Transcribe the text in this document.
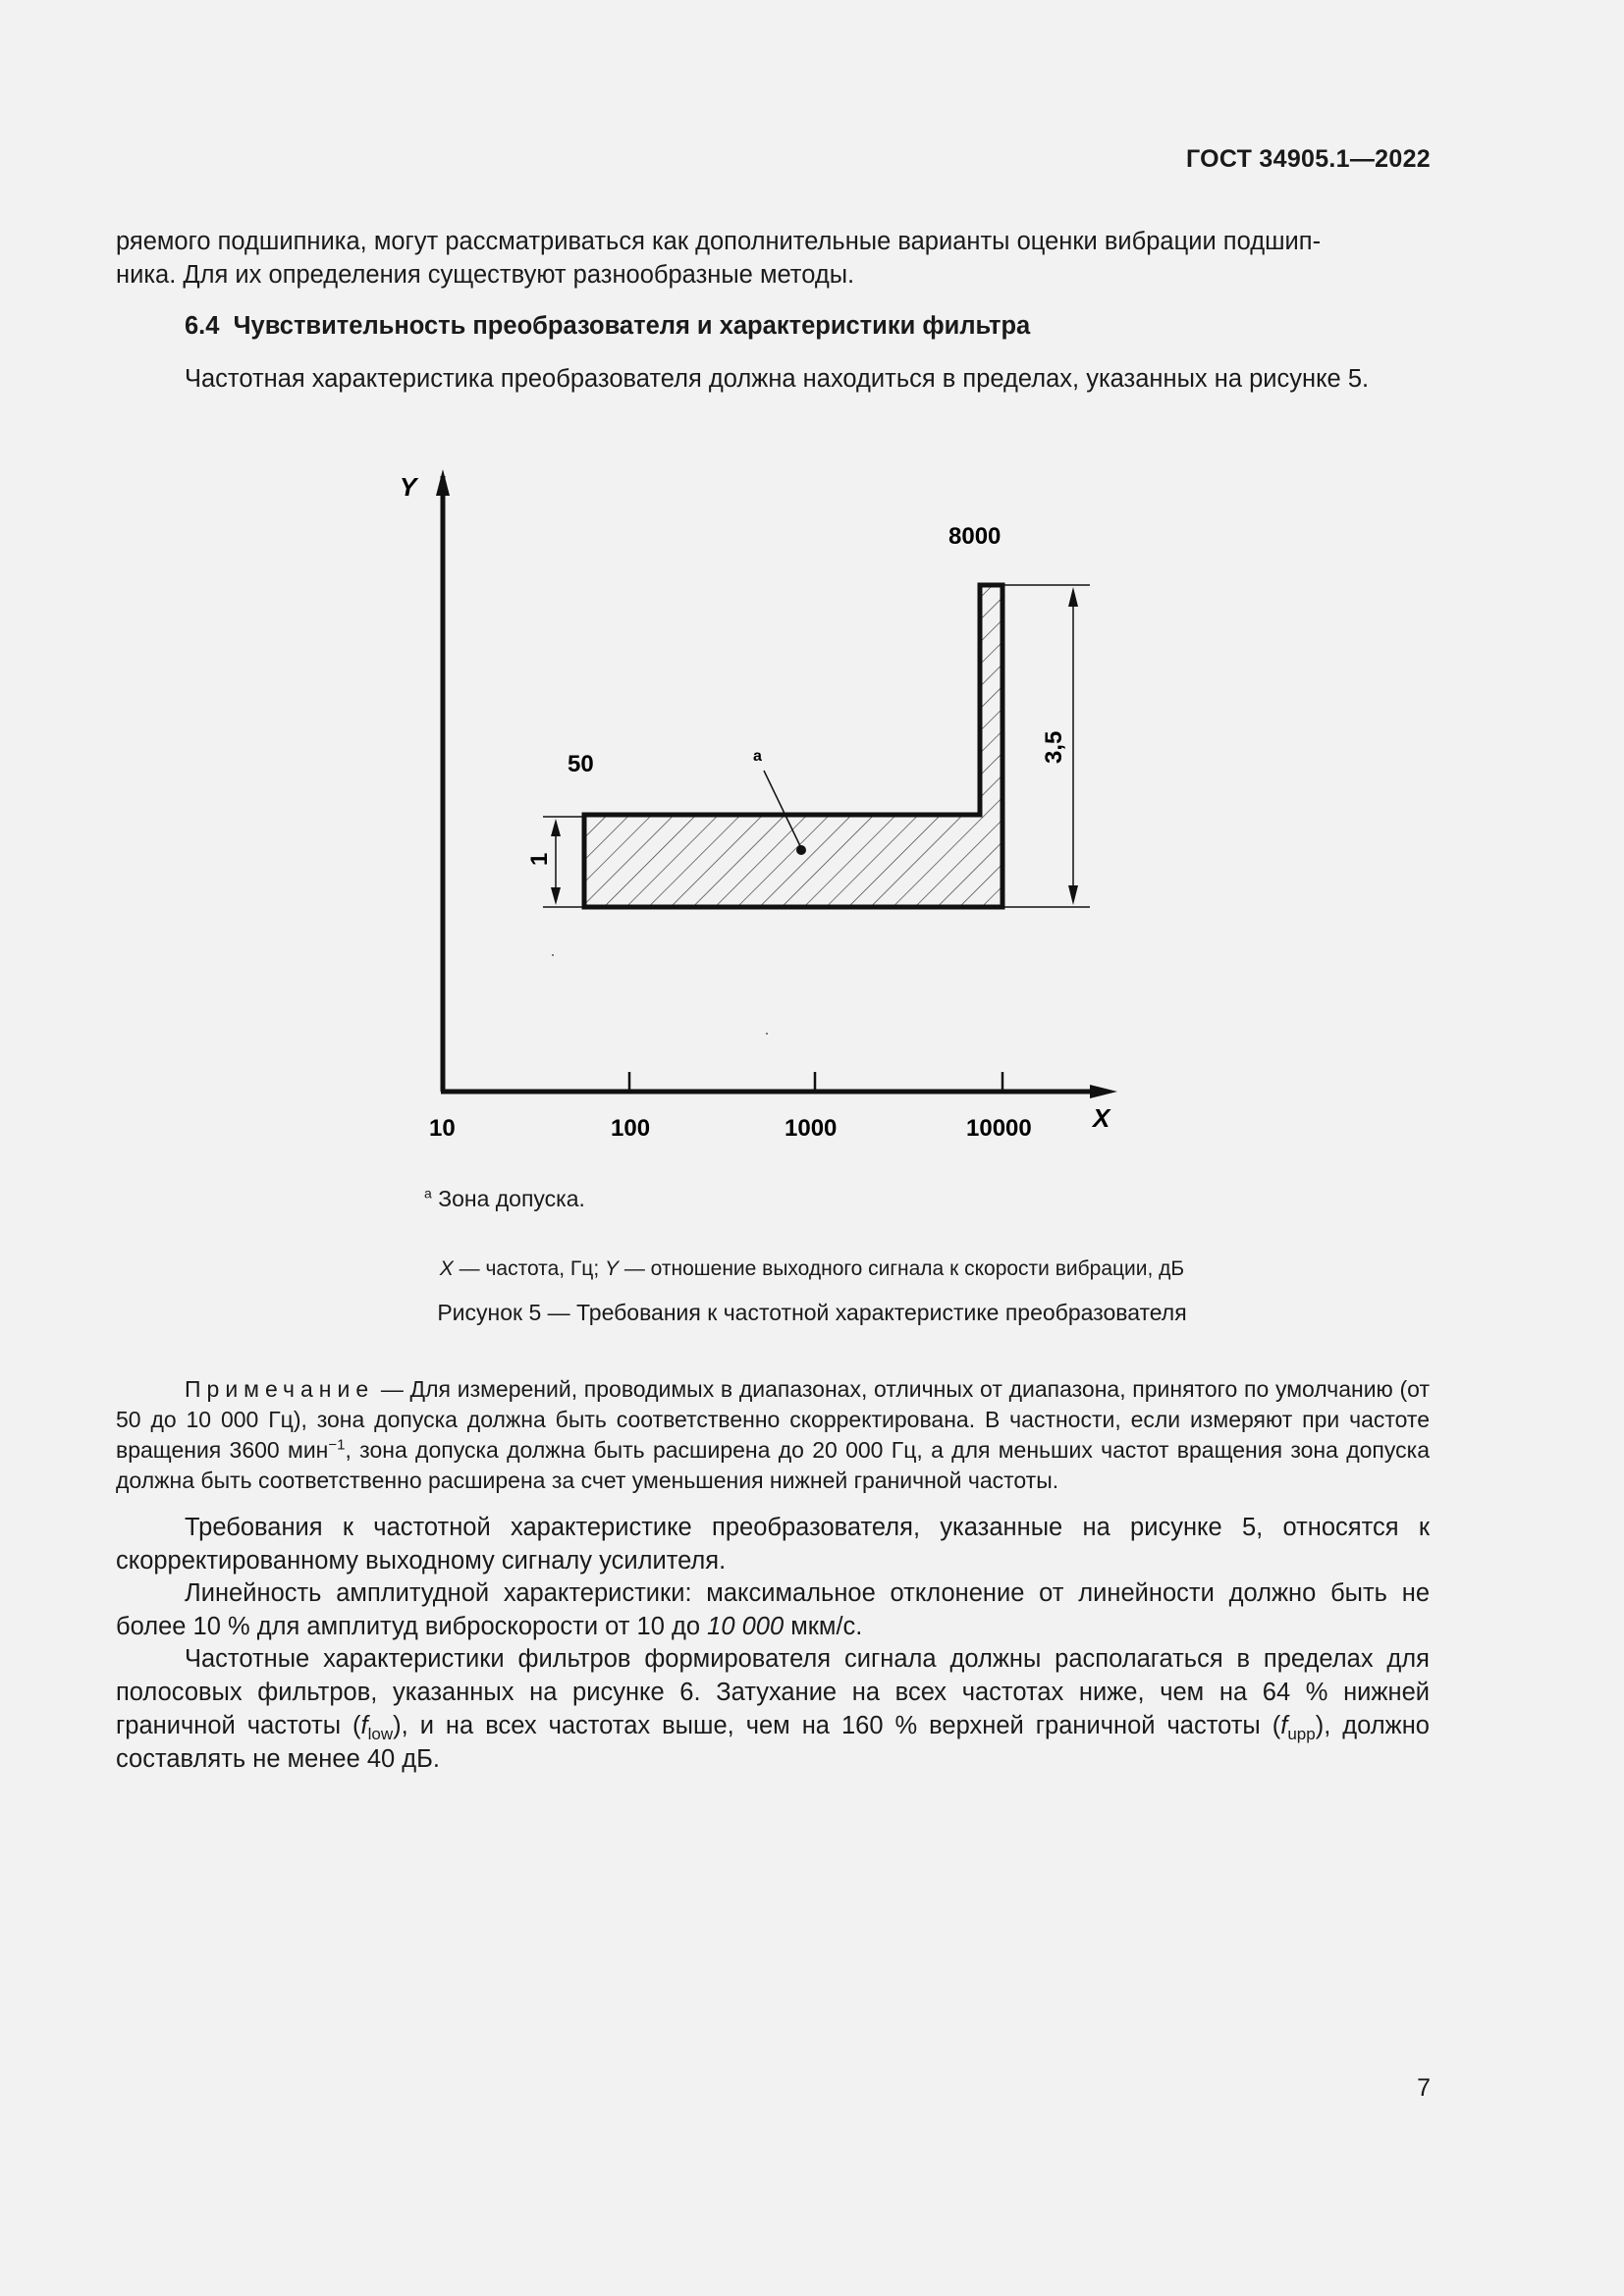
ГОСТ 34905.1—2022

ряемого подшипника, могут рассматриваться как дополнительные варианты оценки вибрации подшип-
ника. Для их определения существуют разнообразные методы.

6.4 Чувствительность преобразователя и характеристики фильтра

Частотная характеристика преобразователя должна находиться в пределах, указанных на рисунке 5.

Y
X
10	100	1000	10000
50
8000
a
1
3,5
$^a$ Зона допуска.
X — частота, Гц; Y — отношение выходного сигнала к скорости вибрации, дБ
Рисунок 5 — Требования к частотной характеристике преобразователя

Примечание — Для измерений, проводимых в диапазонах, отличных от диапазона, принятого по умолчанию (от 50 до 10 000 Гц), зона допуска должна быть соответственно скорректирована. В частности, если измеряют при частоте вращения 3600 мин$^{-1}$, зона допуска должна быть расширена до 20 000 Гц, а для меньших частот вращения зона допуска должна быть соответственно расширена за счет уменьшения нижней граничной частоты.

Требования к частотной характеристике преобразователя, указанные на рисунке 5, относятся к скорректированному выходному сигналу усилителя.

Линейность амплитудной характеристики: максимальное отклонение от линейности должно быть не более 10 % для амплитуд виброскорости от 10 до 10 000 мкм/с.

Частотные характеристики фильтров формирователя сигнала должны располагаться в пределах для полосовых фильтров, указанных на рисунке 6. Затухание на всех частотах ниже, чем на 64 % нижней граничной частоты $(f_{low})$, и на всех частотах выше, чем на 160 % верхней граничной частоты $(f_{upp})$, должно составлять не менее 40 дБ.

7
